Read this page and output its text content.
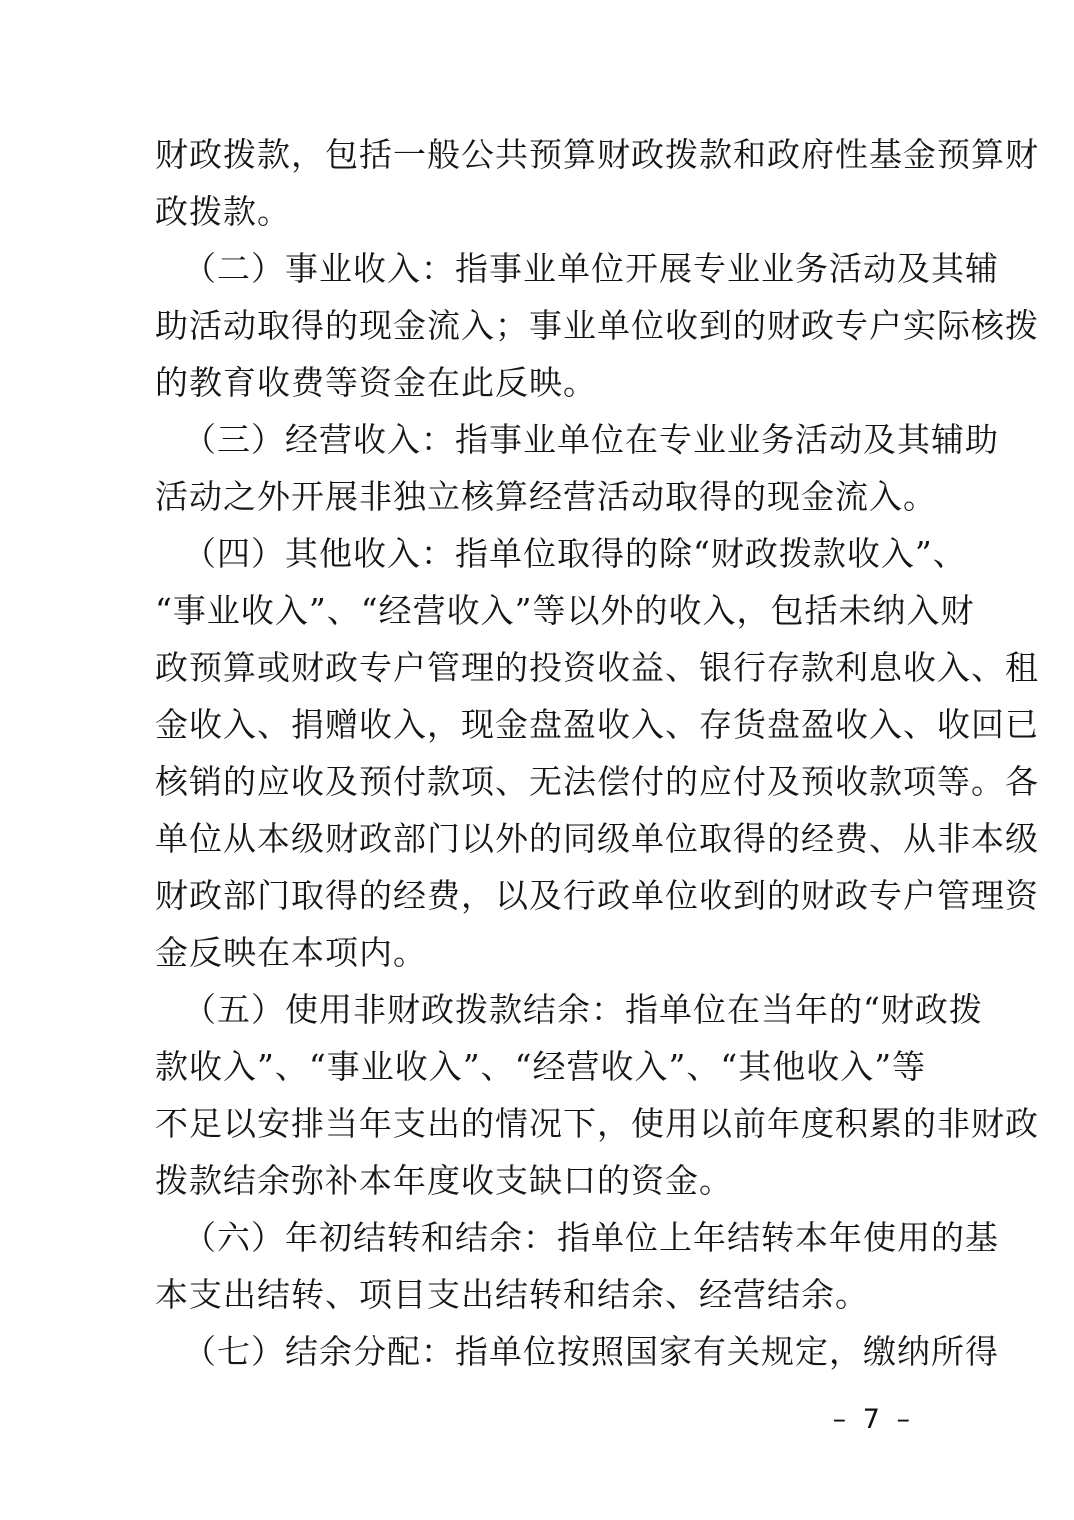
财政拨款，包括一般公共预算财政拨款和政府性基金预算财
政拨款。
（二）事业收入：指事业单位开展专业业务活动及其辅
助活动取得的现金流入；事业单位收到的财政专户实际核拨
的教育收费等资金在此反映。
（三）经营收入：指事业单位在专业业务活动及其辅助
活动之外开展非独立核算经营活动取得的现金流入。
（四）其他收入：指单位取得的除“财政拨款收入”、
“事业收入”、“经营收入”等以外的收入，包括未纳入财
政预算或财政专户管理的投资收益、银行存款利息收入、租
金收入、捐赠收入，现金盘盈收入、存货盘盈收入、收回已
核销的应收及预付款项、无法偿付的应付及预收款项等。各
单位从本级财政部门以外的同级单位取得的经费、从非本级
财政部门取得的经费，以及行政单位收到的财政专户管理资
金反映在本项内。
（五）使用非财政拨款结余：指单位在当年的“财政拨
款收入”、“事业收入”、“经营收入”、“其他收入”等
不足以安排当年支出的情况下，使用以前年度积累的非财政
拨款结余弥补本年度收支缺口的资金。
（六）年初结转和结余：指单位上年结转本年使用的基
本支出结转、项目支出结转和结余、经营结余。
（七）结余分配：指单位按照国家有关规定，缴纳所得
– 7 –
